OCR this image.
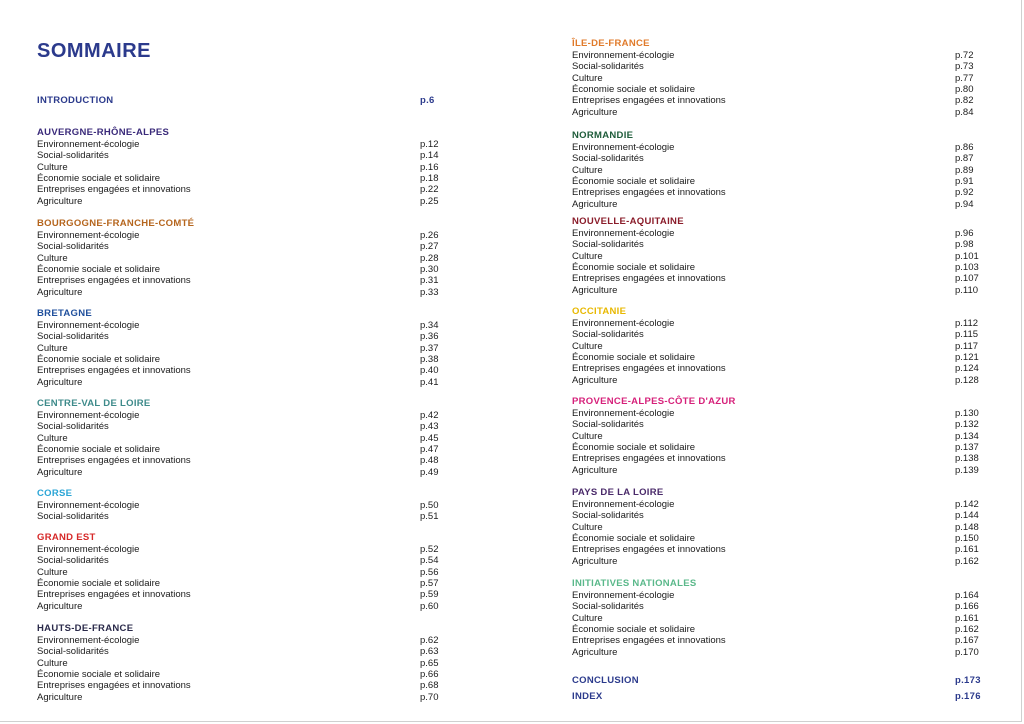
SOMMAIRE
INTRODUCTION	p.6
AUVERGNE-RHÔNE-ALPES
Environnement-écologie	p.12
Social-solidarités	p.14
Culture	p.16
Économie sociale et solidaire	p.18
Entreprises engagées et innovations	p.22
Agriculture	p.25
BOURGOGNE-FRANCHE-COMTÉ
Environnement-écologie	p.26
Social-solidarités	p.27
Culture	p.28
Économie sociale et solidaire	p.30
Entreprises engagées et innovations	p.31
Agriculture	p.33
BRETAGNE
Environnement-écologie	p.34
Social-solidarités	p.36
Culture	p.37
Économie sociale et solidaire	p.38
Entreprises engagées et innovations	p.40
Agriculture	p.41
CENTRE-VAL DE LOIRE
Environnement-écologie	p.42
Social-solidarités	p.43
Culture	p.45
Économie sociale et solidaire	p.47
Entreprises engagées et innovations	p.48
Agriculture	p.49
CORSE
Environnement-écologie	p.50
Social-solidarités	p.51
GRAND EST
Environnement-écologie	p.52
Social-solidarités	p.54
Culture	p.56
Économie sociale et solidaire	p.57
Entreprises engagées et innovations	p.59
Agriculture	p.60
HAUTS-DE-FRANCE
Environnement-écologie	p.62
Social-solidarités	p.63
Culture	p.65
Économie sociale et solidaire	p.66
Entreprises engagées et innovations	p.68
Agriculture	p.70
ÎLE-DE-FRANCE
Environnement-écologie	p.72
Social-solidarités	p.73
Culture	p.77
Économie sociale et solidaire	p.80
Entreprises engagées et innovations	p.82
Agriculture	p.84
NORMANDIE
Environnement-écologie	p.86
Social-solidarités	p.87
Culture	p.89
Économie sociale et solidaire	p.91
Entreprises engagées et innovations	p.92
Agriculture	p.94
NOUVELLE-AQUITAINE
Environnement-écologie	p.96
Social-solidarités	p.98
Culture	p.101
Économie sociale et solidaire	p.103
Entreprises engagées et innovations	p.107
Agriculture	p.110
OCCITANIE
Environnement-écologie	p.112
Social-solidarités	p.115
Culture	p.117
Économie sociale et solidaire	p.121
Entreprises engagées et innovations	p.124
Agriculture	p.128
PROVENCE-ALPES-CÔTE D'AZUR
Environnement-écologie	p.130
Social-solidarités	p.132
Culture	p.134
Économie sociale et solidaire	p.137
Entreprises engagées et innovations	p.138
Agriculture	p.139
PAYS DE LA LOIRE
Environnement-écologie	p.142
Social-solidarités	p.144
Culture	p.148
Économie sociale et solidaire	p.150
Entreprises engagées et innovations	p.161
Agriculture	p.162
INITIATIVES NATIONALES
Environnement-écologie	p.164
Social-solidarités	p.166
Culture	p.161
Économie sociale et solidaire	p.162
Entreprises engagées et innovations	p.167
Agriculture	p.170
CONCLUSION	p.173
INDEX	p.176
